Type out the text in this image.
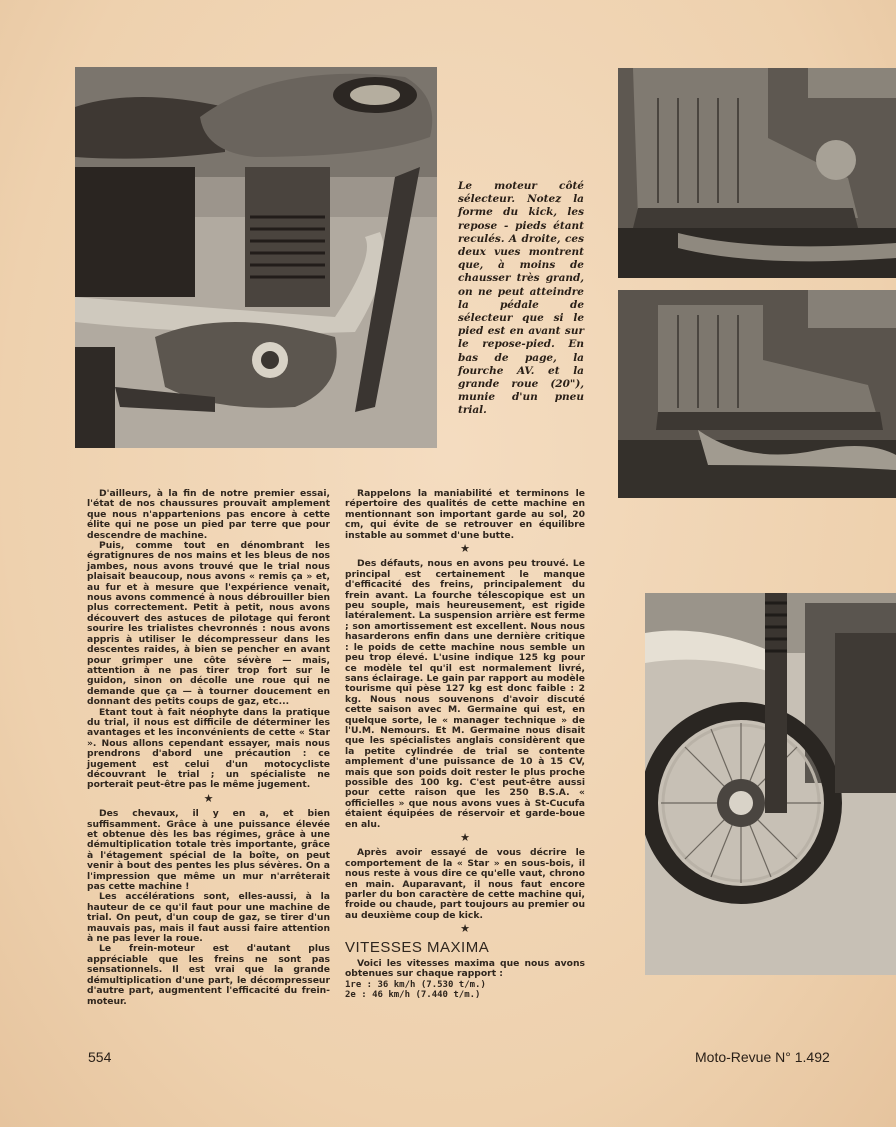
Le moteur côté sélecteur. Notez la forme du kick, les repose - pieds étant reculés. A droite, ces deux vues montrent que, à moins de chausser très grand, on ne peut atteindre la pédale de sélecteur que si le pied est en avant sur le repose-pied. En bas de page, la fourche AV. et la grande roue (20"), munie d'un pneu trial.

D'ailleurs, à la fin de notre premier essai, l'état de nos chaussures prouvait amplement que nous n'appartenions pas encore à cette élite qui ne pose un pied par terre que pour descendre de machine.

Puis, comme tout en dénombrant les égratignures de nos mains et les bleus de nos jambes, nous avons trouvé que le trial nous plaisait beaucoup, nous avons « remis ça » et, au fur et à mesure que l'expérience venait, nous avons commencé à nous débrouiller bien plus correctement. Petit à petit, nous avons découvert des astuces de pilotage qui feront sourire les trialistes chevronnés : nous avons appris à utiliser le décompresseur dans les descentes raides, à bien se pencher en avant pour grimper une côte sévère — mais, attention à ne pas tirer trop fort sur le guidon, sinon on décolle une roue qui ne demande que ça — à tourner doucement en donnant des petits coups de gaz, etc...

Etant tout à fait néophyte dans la pratique du trial, il nous est difficile de déterminer les avantages et les inconvénients de cette « Star ». Nous allons cependant essayer, mais nous prendrons d'abord une précaution : ce jugement est celui d'un motocycliste découvrant le trial ; un spécialiste ne porterait peut-être pas le même jugement.

★

Des chevaux, il y en a, et bien suffisamment. Grâce à une puissance élevée et obtenue dès les bas régimes, grâce à une démultiplication totale très importante, grâce à l'étagement spécial de la boîte, on peut venir à bout des pentes les plus sévères. On a l'impression que même un mur n'arrêterait pas cette machine !

Les accélérations sont, elles-aussi, à la hauteur de ce qu'il faut pour une machine de trial. On peut, d'un coup de gaz, se tirer d'un mauvais pas, mais il faut aussi faire attention à ne pas lever la roue.

Le frein-moteur est d'autant plus appréciable que les freins ne sont pas sensationnels. Il est vrai que la grande démultiplication d'une part, le décompresseur d'autre part, augmentent l'efficacité du frein-moteur.

Rappelons la maniabilité et terminons le répertoire des qualités de cette machine en mentionnant son important garde au sol, 20 cm, qui évite de se retrouver en équilibre instable au sommet d'une butte.

★

Des défauts, nous en avons peu trouvé. Le principal est certainement le manque d'efficacité des freins, principalement du frein avant. La fourche télescopique est un peu souple, mais heureusement, est rigide latéralement. La suspension arrière est ferme ; son amortissement est excellent. Nous nous hasarderons enfin dans une dernière critique : le poids de cette machine nous semble un peu trop élevé. L'usine indique 125 kg pour ce modèle tel qu'il est normalement livré, sans éclairage. Le gain par rapport au modèle tourisme qui pèse 127 kg est donc faible : 2 kg. Nous nous souvenons d'avoir discuté cette saison avec M. Germaine qui est, en quelque sorte, le « manager technique » de l'U.M. Nemours. Et M. Germaine nous disait que les spécialistes anglais considèrent que la petite cylindrée de trial se contente amplement d'une puissance de 10 à 15 CV, mais que son poids doit rester le plus proche possible des 100 kg. C'est peut-être aussi pour cette raison que les 250 B.S.A. « officielles » que nous avons vues à St-Cucufa étaient équipées de réservoir et garde-boue en alu.

★

Après avoir essayé de vous décrire le comportement de la « Star » en sous-bois, il nous reste à vous dire ce qu'elle vaut, chrono en main. Auparavant, il nous faut encore parler du bon caractère de cette machine qui, froide ou chaude, part toujours au premier ou au deuxième coup de kick.

★
VITESSES MAXIMA

Voici les vitesses maxima que nous avons obtenues sur chaque rapport :

1re : 36 km/h (7.530 t/m.)

2e : 46 km/h (7.440 t/m.)

554	Moto-Revue N° 1.492
